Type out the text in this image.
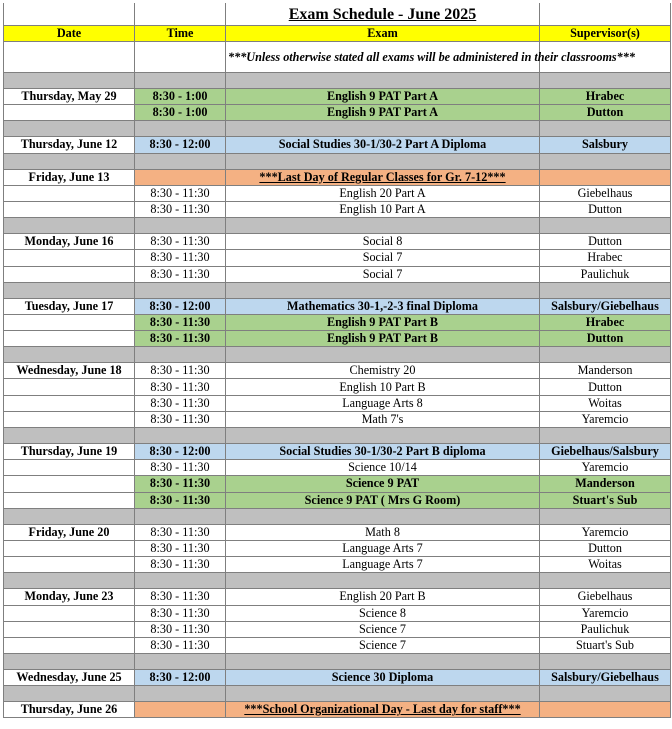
		Exam Schedule - June 2025	
Date	Time	Exam	Supervisor(s)
		***Unless otherwise stated all exams will be administered in their classrooms***	

Thursday, May 29	8:30 - 1:00	English 9 PAT Part A	Hrabec
	8:30 - 1:00	English 9 PAT Part A	Dutton

Thursday, June 12	8:30 - 12:00	Social Studies 30-1/30-2 Part A Diploma	Salsbury

Friday, June 13		***Last Day of Regular Classes for Gr. 7-12***	
	8:30 - 11:30	English 20 Part A	Giebelhaus
	8:30 - 11:30	English 10 Part A	Dutton

Monday, June 16	8:30 - 11:30	Social 8	Dutton
	8:30 - 11:30	Social 7	Hrabec
	8:30 - 11:30	Social 7	Paulichuk

Tuesday, June 17	8:30 - 12:00	Mathematics 30-1,-2-3 final Diploma	Salsbury/Giebelhaus
	8:30 - 11:30	English 9 PAT Part B	Hrabec
	8:30 - 11:30	English 9 PAT Part B	Dutton

Wednesday, June 18	8:30 - 11:30	Chemistry 20	Manderson
	8:30 - 11:30	English 10 Part B	Dutton
	8:30 - 11:30	Language Arts 8	Woitas
	8:30 - 11:30	Math 7's	Yaremcio

Thursday, June 19	8:30 - 12:00	Social Studies 30-1/30-2 Part B diploma	Giebelhaus/Salsbury
	8:30 - 11:30	Science 10/14	Yaremcio
	8:30 - 11:30	Science 9 PAT	Manderson
	8:30 - 11:30	Science 9 PAT ( Mrs G Room)	Stuart's Sub

Friday, June 20	8:30 - 11:30	Math 8	Yaremcio
	8:30 - 11:30	Language Arts 7	Dutton
	8:30 - 11:30	Language Arts 7	Woitas

Monday, June 23	8:30 - 11:30	English 20 Part B	Giebelhaus
	8:30 - 11:30	Science 8	Yaremcio
	8:30 - 11:30	Science 7	Paulichuk
	8:30 - 11:30	Science 7	Stuart's Sub

Wednesday, June 25	8:30 - 12:00	Science 30 Diploma	Salsbury/Giebelhaus

Thursday, June 26		***School Organizational Day - Last day for staff***	
